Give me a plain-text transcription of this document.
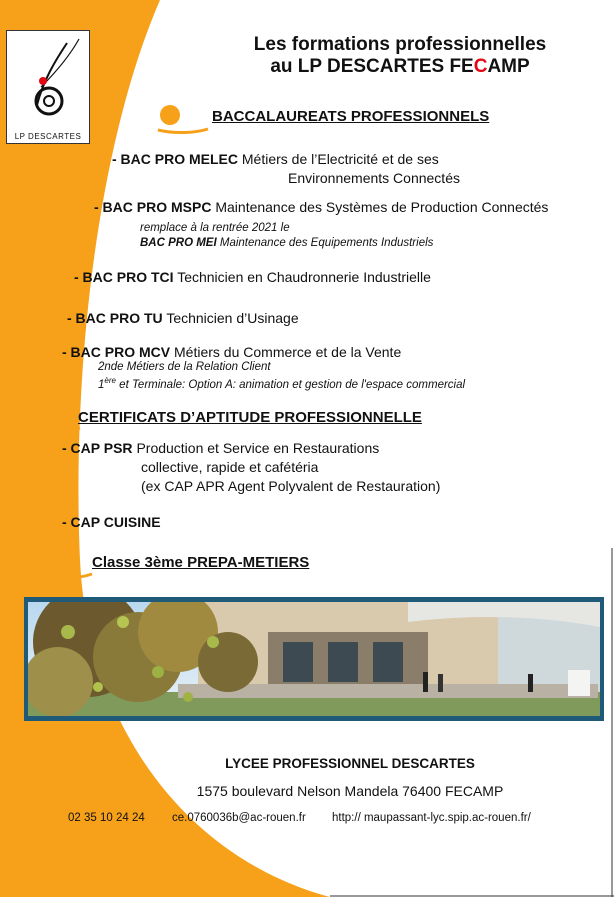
LP DESCARTES
Les formations professionnelles
au LP DESCARTES FECAMP
BACCALAUREATS PROFESSIONNELS
CERTIFICATS D’APTITUDE PROFESSIONNELLE
Classe 3ème PREPA-METIERS
- BAC PRO MELEC Métiers de l’Electricité et de ses
Environnements Connectés
- BAC PRO MSPC Maintenance des Systèmes de Production Connectés
remplace à la rentrée 2021 le
BAC PRO MEI Maintenance des Equipements Industriels
- BAC PRO TCI Technicien en Chaudronnerie Industrielle
- BAC PRO TU Technicien d’Usinage
- BAC PRO MCV Métiers du Commerce et de la Vente
2nde Métiers de la Relation Client
1ère et Terminale: Option A: animation et gestion de l'espace commercial
- CAP PSR Production et Service en Restaurations
collective, rapide et cafétéria
(ex CAP APR Agent Polyvalent de Restauration)
- CAP CUISINE
LYCEE PROFESSIONNEL DESCARTES
1575 boulevard Nelson Mandela 76400 FECAMP
02 35 10 24 24 ce.0760036b@ac-rouen.fr http:// maupassant-lyc.spip.ac-rouen.fr/
